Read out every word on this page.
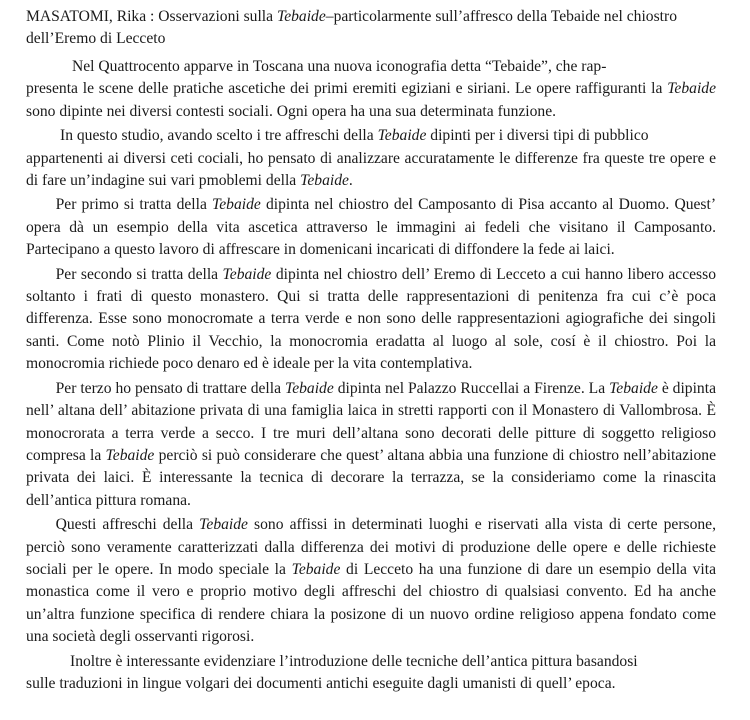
MASATOMI, Rika : Osservazioni sulla Tebaide–particolarmente sull’affresco della Tebaide nel chiostro dell’Eremo di Lecceto

Nel Quattrocento apparve in Toscana una nuova iconografia detta “Tebaide”, che rap-
presenta le scene delle pratiche ascetiche dei primi eremiti egiziani e siriani. Le opere raffiguranti la Tebaide sono dipinte nei diversi contesti sociali. Ogni opera ha una sua determinata funzione.

In questo studio, avando scelto i tre affreschi della Tebaide dipinti per i diversi tipi di pubblico
appartenenti ai diversi ceti cociali, ho pensato di analizzare accuratamente le differenze fra queste tre opere e di fare un’indagine sui vari pmoblemi della Tebaide.

Per primo si tratta della Tebaide dipinta nel chiostro del Camposanto di Pisa accanto al Duomo. Quest’ opera dà un esempio della vita ascetica attraverso le immagini ai fedeli che visitano il Camposanto. Partecipano a questo lavoro di affrescare in domenicani incaricati di diffondere la fede ai laici.

Per secondo si tratta della Tebaide dipinta nel chiostro dell’ Eremo di Lecceto a cui hanno libero accesso soltanto i frati di questo monastero. Qui si tratta delle rappresentazioni di penitenza fra cui c’è poca differenza. Esse sono monocromate a terra verde e non sono delle rappresentazioni agiografiche dei singoli santi. Come notò Plinio il Vecchio, la monocromia eradatta al luogo al sole, cosí è il chiostro. Poi la monocromia richiede poco denaro ed è ideale per la vita contemplativa.

Per terzo ho pensato di trattare della Tebaide dipinta nel Palazzo Ruccellai a Firenze. La Tebaide è dipinta nell’ altana dell’ abitazione privata di una famiglia laica in stretti rapporti con il Monastero di Vallombrosa. È monocrorata a terra verde a secco. I tre muri dell’altana sono decorati delle pitture di soggetto religioso compresa la Tebaide perciò si può considerare che quest’ altana abbia una funzione di chiostro nell’abitazione privata dei laici. È interessante la tecnica di decorare la terrazza, se la consideriamo come la rinascita dell’antica pittura romana.

Questi affreschi della Tebaide sono affissi in determinati luoghi e riservati alla vista di certe persone, perciò sono veramente caratterizzati dalla differenza dei motivi di produzione delle opere e delle richieste sociali per le opere. In modo speciale la Tebaide di Lecceto ha una funzione di dare un esempio della vita monastica come il vero e proprio motivo degli affreschi del chiostro di qualsiasi convento. Ed ha anche un’altra funzione specifica di rendere chiara la posizone di un nuovo ordine religioso appena fondato come una società degli osservanti rigorosi.

Inoltre è interessante evidenziare l’introduzione delle tecniche dell’antica pittura basandosi
sulle traduzioni in lingue volgari dei documenti antichi eseguite dagli umanisti di quell’ epoca.
